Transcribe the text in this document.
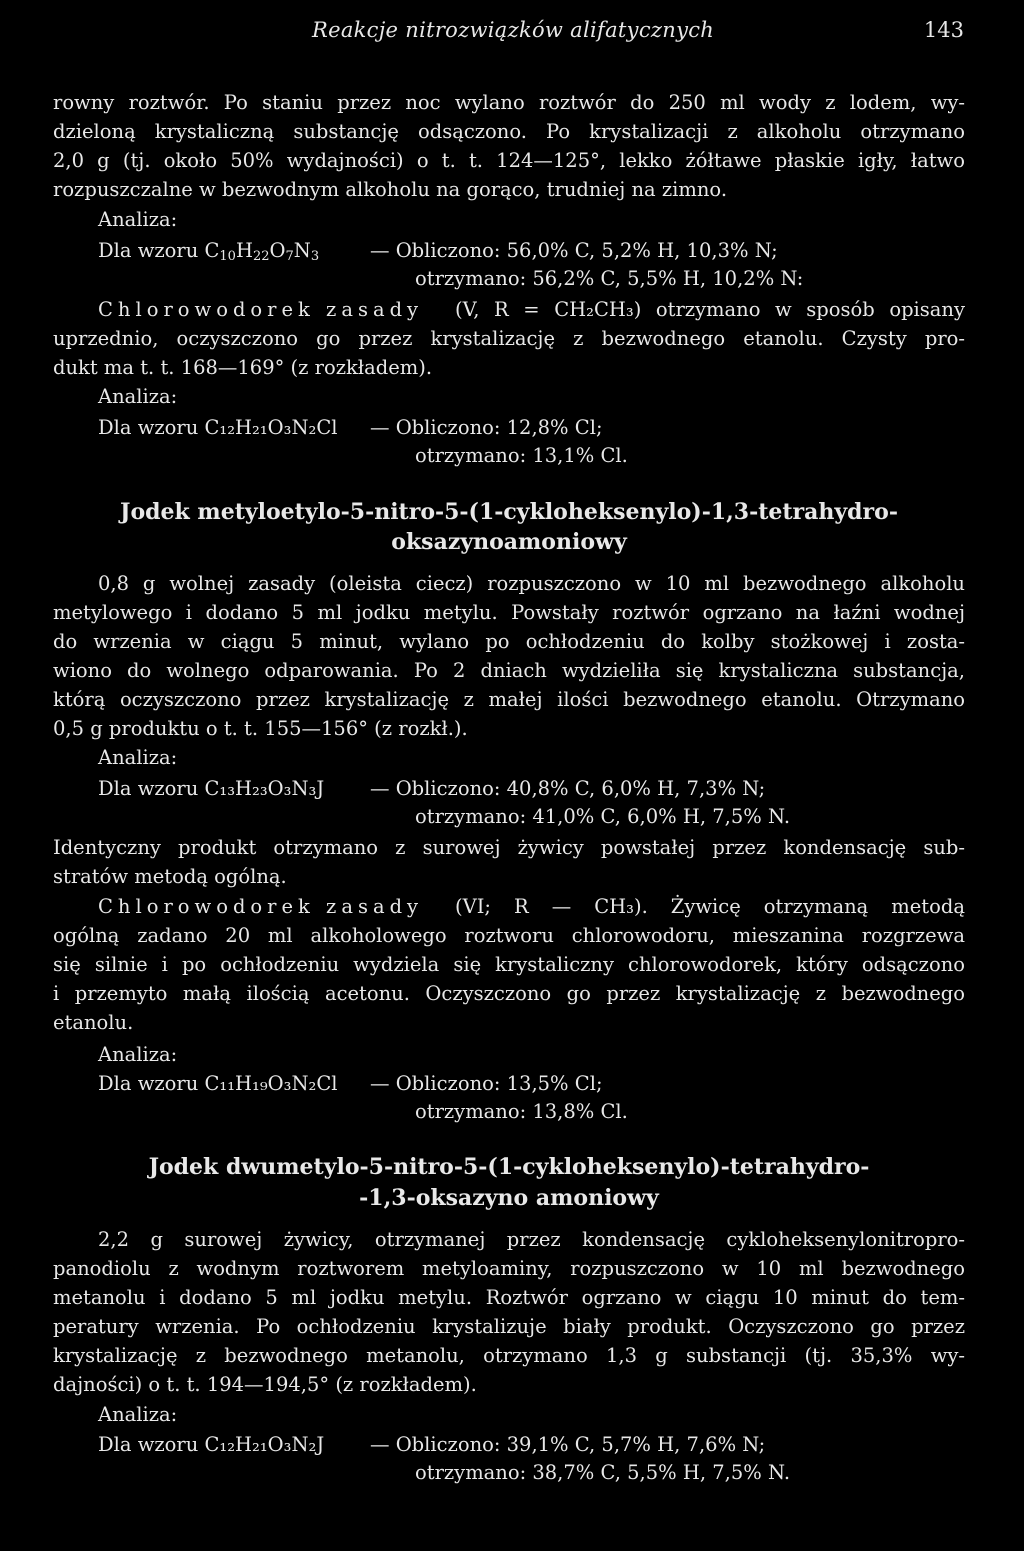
Reakcje nitrozwiązków alifatycznych	143
rowny roztwór. Po staniu przez noc wylano roztwór do 250 ml wody z lodem, wy-
dzieloną krystaliczną substancję odsączono. Po krystalizacji z alkoholu otrzymano
2,0 g (tj. około 50% wydajności) o t. t. 124—125°, lekko żółtawe płaskie igły, łatwo
rozpuszczalne w bezwodnym alkoholu na gorąco, trudniej na zimno.
Analiza:
Dla wzoru $C_{10}H_{22}O_7N_3$	— Obliczono: 56,0% C, 5,2% H, 10,3% N;
otrzymano: 56,2% C, 5,5% H, 10,2% N:
Chlorowodorek zasady (V, R = CH₂CH₃) otrzymano w sposób opisany
uprzednio, oczyszczono go przez krystalizację z bezwodnego etanolu. Czysty pro-
dukt ma t. t. 168—169° (z rozkładem).
Analiza:
Dla wzoru C₁₂H₂₁O₃N₂Cl — Obliczono: 12,8% Cl;
otrzymano: 13,1% Cl.
Jodek metyloetylo-5-nitro-5-(1-cykloheksenylo)-1,3-tetrahydro-
oksazynoamoniowy
0,8 g wolnej zasady (oleista ciecz) rozpuszczono w 10 ml bezwodnego alkoholu
metylowego i dodano 5 ml jodku metylu. Powstały roztwór ogrzano na łaźni wodnej
do wrzenia w ciągu 5 minut, wylano po ochłodzeniu do kolby stożkowej i zosta-
wiono do wolnego odparowania. Po 2 dniach wydzieliła się krystaliczna substancja,
którą oczyszczono przez krystalizację z małej ilości bezwodnego etanolu. Otrzymano
0,5 g produktu o t. t. 155—156° (z rozkł.).
Analiza:
Dla wzoru C₁₃H₂₃O₃N₃J — Obliczono: 40,8% C, 6,0% H, 7,3% N;
otrzymano: 41,0% C, 6,0% H, 7,5% N.
Identyczny produkt otrzymano z surowej żywicy powstałej przez kondensację sub-
stratów metodą ogólną.
Chlorowodorek zasady (VI; R — CH₃). Żywicę otrzymaną metodą
ogólną zadano 20 ml alkoholowego roztworu chlorowodoru, mieszanina rozgrzewa
się silnie i po ochłodzeniu wydziela się krystaliczny chlorowodorek, który odsączono
i przemyto małą ilością acetonu. Oczyszczono go przez krystalizację z bezwodnego
etanolu.
Analiza:
Dla wzoru C₁₁H₁₉O₃N₂Cl — Obliczono: 13,5% Cl;
otrzymano: 13,8% Cl.
Jodek dwumetylo-5-nitro-5-(1-cykloheksenylo)-tetrahydro-
-1,3-oksazyno amoniowy
2,2 g surowej żywicy, otrzymanej przez kondensację cykloheksenylonitropro-
panodiolu z wodnym roztworem metyloaminy, rozpuszczono w 10 ml bezwodnego
metanolu i dodano 5 ml jodku metylu. Roztwór ogrzano w ciągu 10 minut do tem-
peratury wrzenia. Po ochłodzeniu krystalizuje biały produkt. Oczyszczono go przez
krystalizację z bezwodnego metanolu, otrzymano 1,3 g substancji (tj. 35,3% wy-
dajności) o t. t. 194—194,5° (z rozkładem).
Analiza:
Dla wzoru C₁₂H₂₁O₃N₂J — Obliczono: 39,1% C, 5,7% H, 7,6% N;
otrzymano: 38,7% C, 5,5% H, 7,5% N.
